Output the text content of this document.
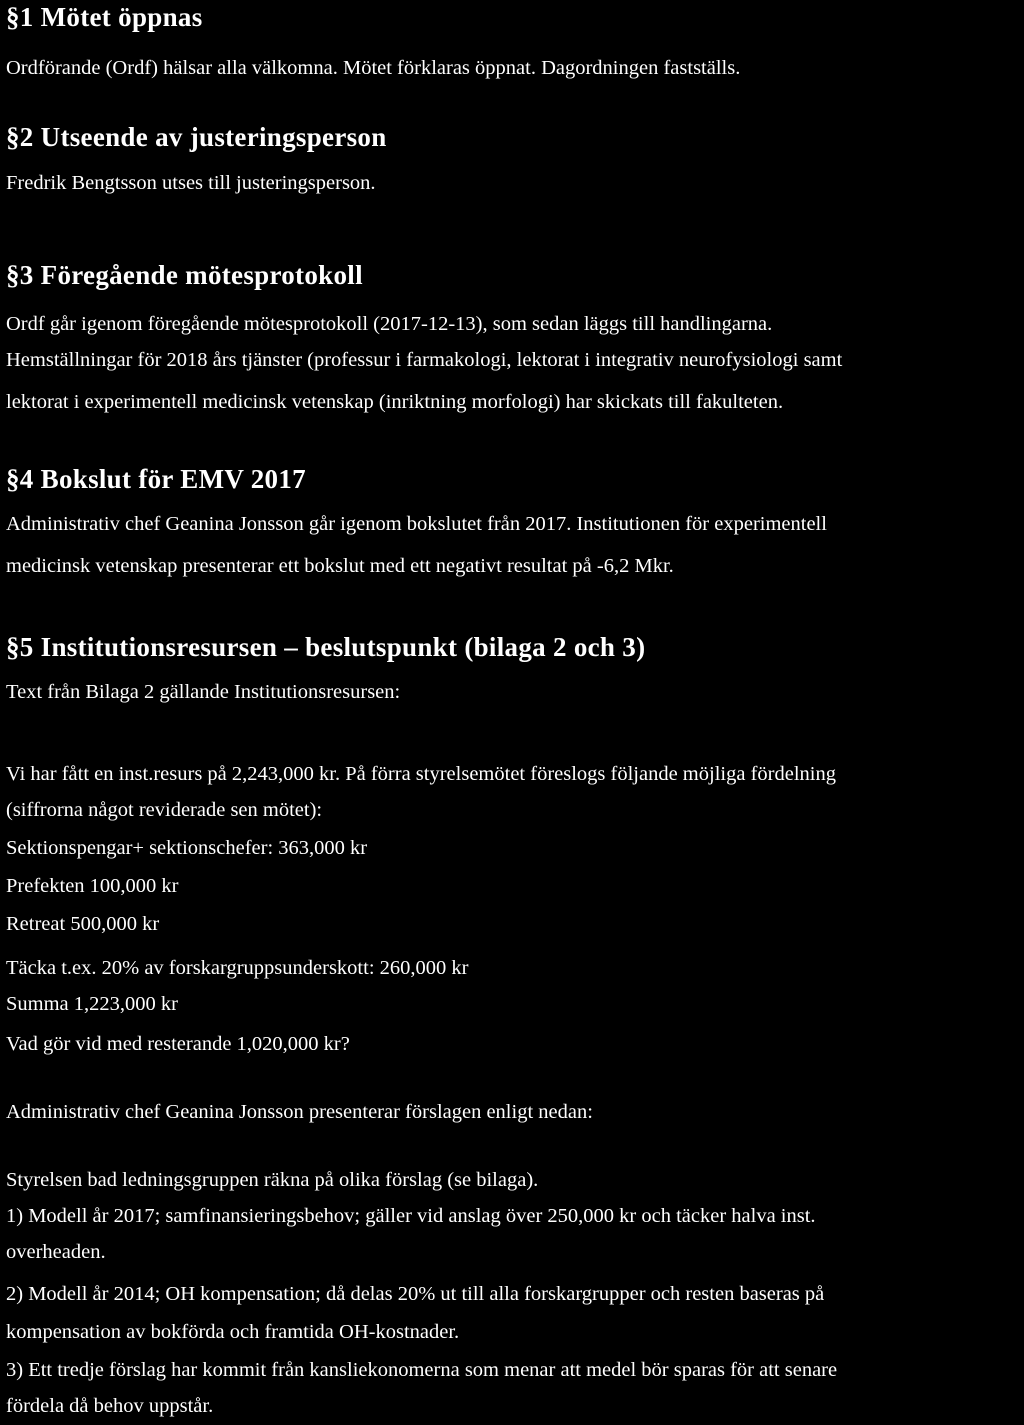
§1 Mötet öppnas

Ordförande (Ordf) hälsar alla välkomna. Mötet förklaras öppnat. Dagordningen fastställs.

§2 Utseende av justeringsperson

Fredrik Bengtsson utses till justeringsperson.

§3 Föregående mötesprotokoll

Ordf går igenom föregående mötesprotokoll (2017-12-13), som sedan läggs till handlingarna.

Hemställningar för 2018 års tjänster (professur i farmakologi, lektorat i integrativ neurofysiologi samt

lektorat i experimentell medicinsk vetenskap (inriktning morfologi) har skickats till fakulteten.

§4 Bokslut för EMV 2017

Administrativ chef Geanina Jonsson går igenom bokslutet från 2017. Institutionen för experimentell

medicinsk vetenskap presenterar ett bokslut med ett negativt resultat på -6,2 Mkr.

§5 Institutionsresursen – beslutspunkt (bilaga 2 och 3)

Text från Bilaga 2 gällande Institutionsresursen:

Vi har fått en inst.resurs på 2,243,000 kr. På förra styrelsemötet föreslogs följande möjliga fördelning

(siffrorna något reviderade sen mötet):

Sektionspengar+ sektionschefer: 363,000 kr

Prefekten 100,000 kr

Retreat 500,000 kr

Täcka t.ex. 20% av forskargruppsunderskott: 260,000 kr

Summa 1,223,000 kr

Vad gör vid med resterande 1,020,000 kr?

Administrativ chef Geanina Jonsson presenterar förslagen enligt nedan:

Styrelsen bad ledningsgruppen räkna på olika förslag (se bilaga).

1) Modell år 2017; samfinansieringsbehov; gäller vid anslag över 250,000 kr och täcker halva inst.

overheaden.

2) Modell år 2014; OH kompensation; då delas 20% ut till alla forskargrupper och resten baseras på

kompensation av bokförda och framtida OH-kostnader.

3) Ett tredje förslag har kommit från kansliekonomerna som menar att medel bör sparas för att senare

fördela då behov uppstår.
